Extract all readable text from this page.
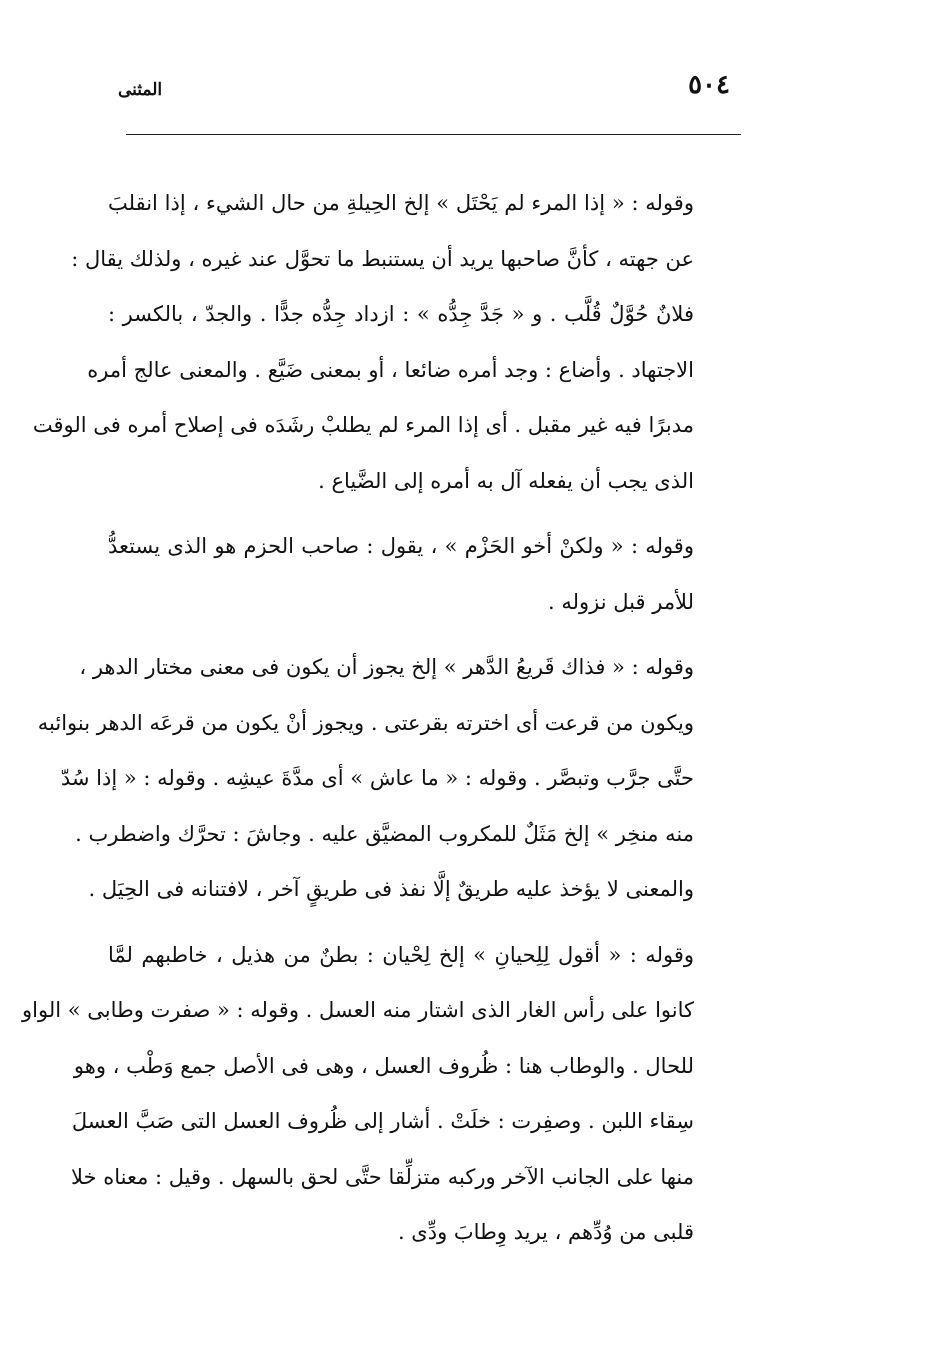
٥٠٤
المثنى
وقوله : « إذا المرء لم يَحْتَل » إلخ الحِيلةِ من حال الشيء ، إذا انقلبَ
عن جهته ، كأنَّ صاحبها يريد أن يستنبط ما تحوَّل عند غيره ، ولذلك يقال :
فلانٌ حُوَّلٌ قُلَّب . و « جَدَّ جِدُّه » : ازداد جِدُّه جدًّا . والجدّ ، بالكسر :
الاجتهاد . وأضاع : وجد أمره ضائعا ، أو بمعنى ضَيَّع . والمعنى عالج أمره
مدبرًا فيه غير مقبل . أى إذا المرء لم يطلبْ رشَدَه فى إصلاح أمره فى الوقت
الذى يجب أن يفعله آل به أمره إلى الضَّياع .
وقوله : « ولكنْ أخو الحَزْم » ، يقول : صاحب الحزم هو الذى يستعدُّ
للأمر قبل نزوله .
وقوله : « فذاك قَريعُ الدَّهر » إلخ يجوز أن يكون فى معنى مختار الدهر ،
ويكون من قرعت أى اخترته بقرعتى . ويجوز أنْ يكون من قرعَه الدهر بنوائبه
حتَّى جرَّب وتبصَّر . وقوله : « ما عاش » أى مدَّةَ عيشِه . وقوله : « إذا سُدّ
منه منخِر » إلخ مَثَلٌ للمكروب المضيَّق عليه . وجاشَ : تحرَّك واضطرب .
والمعنى لا يؤخذ عليه طريقٌ إلَّا نفذ فى طريقٍ آخر ، لافتنانه فى الحِيَل .
وقوله : « أقول لِلِحيانِ » إلخ لِحْيان : بطنٌ من هذيل ، خاطبهم لمَّا
كانوا على رأس الغار الذى اشتار منه العسل . وقوله : « صفرت وطابى » الواو
للحال . والوطاب هنا : ظُروف العسل ، وهى فى الأصل جمع وَطْب ، وهو
سِقاء اللبن . وصفِرت : خلَتْ . أشار إلى ظُروف العسل التى صَبَّ العسلَ
منها على الجانب الآخر وركبه متزلِّقا حتَّى لحق بالسهل . وقيل : معناه خلا
قلبى من وُدِّهم ، يريد وِطابَ ودِّى .
